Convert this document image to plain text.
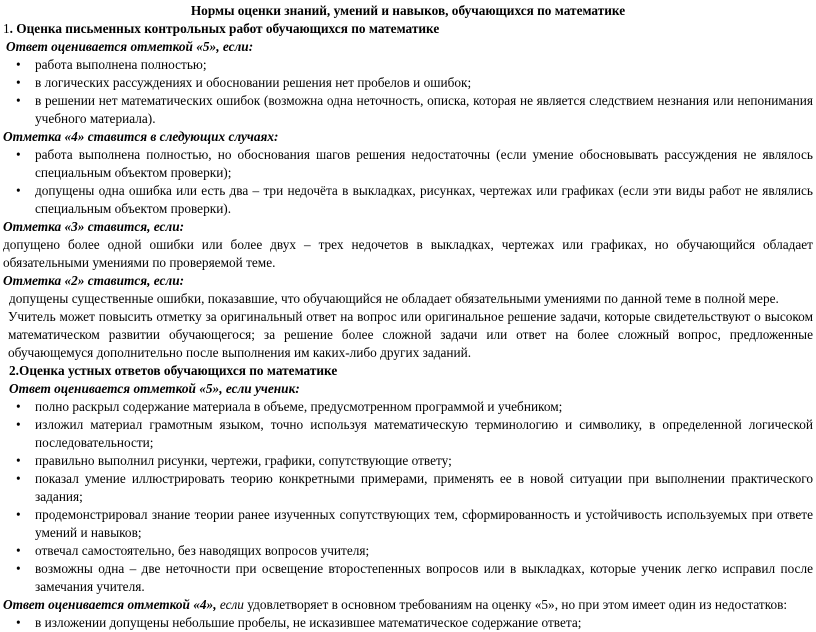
Нормы оценки знаний, умений и навыков, обучающихся по математике
1. Оценка письменных контрольных работ обучающихся по математике
Ответ оценивается отметкой «5», если:
• работа выполнена полностью;
• в логических рассуждениях и обосновании решения нет пробелов и ошибок;
• в решении нет математических ошибок (возможна одна неточность, описка, которая не является следствием незнания или непонимания учебного материала).
Отметка «4» ставится в следующих случаях:
• работа выполнена полностью, но обоснования шагов решения недостаточны (если умение обосновывать рассуждения не являлось специальным объектом проверки);
• допущены одна ошибка или есть два – три недочёта в выкладках, рисунках, чертежах или графиках (если эти виды работ не являлись специальным объектом проверки).
Отметка «3» ставится, если:

допущено более одной ошибки или более двух – трех недочетов в выкладках, чертежах или графиках, но обучающийся обладает обязательными умениями по проверяемой теме.

Отметка «2» ставится, если:

допущены существенные ошибки, показавшие, что обучающийся не обладает обязательными умениями по данной теме в полной мере.

Учитель может повысить отметку за оригинальный ответ на вопрос или оригинальное решение задачи, которые свидетельствуют о высоком математическом развитии обучающегося; за решение более сложной задачи или ответ на более сложный вопрос, предложенные обучающемуся дополнительно после выполнения им каких-либо других заданий.

2.Оценка устных ответов обучающихся по математике
Ответ оценивается отметкой «5», если ученик:
• полно раскрыл содержание материала в объеме, предусмотренном программой и учебником;
• изложил материал грамотным языком, точно используя математическую терминологию и символику, в определенной логической последовательности;
• правильно выполнил рисунки, чертежи, графики, сопутствующие ответу;
• показал умение иллюстрировать теорию конкретными примерами, применять ее в новой ситуации при выполнении практического задания;
• продемонстрировал знание теории ранее изученных сопутствующих тем, сформированность и устойчивость используемых при ответе умений и навыков;
• отвечал самостоятельно, без наводящих вопросов учителя;
• возможны одна – две неточности при освещение второстепенных вопросов или в выкладках, которые ученик легко исправил после замечания учителя.
Ответ оценивается отметкой «4», если удовлетворяет в основном требованиям на оценку «5», но при этом имеет один из недостатков:
• в изложении допущены небольшие пробелы, не исказившее математическое содержание ответа;
